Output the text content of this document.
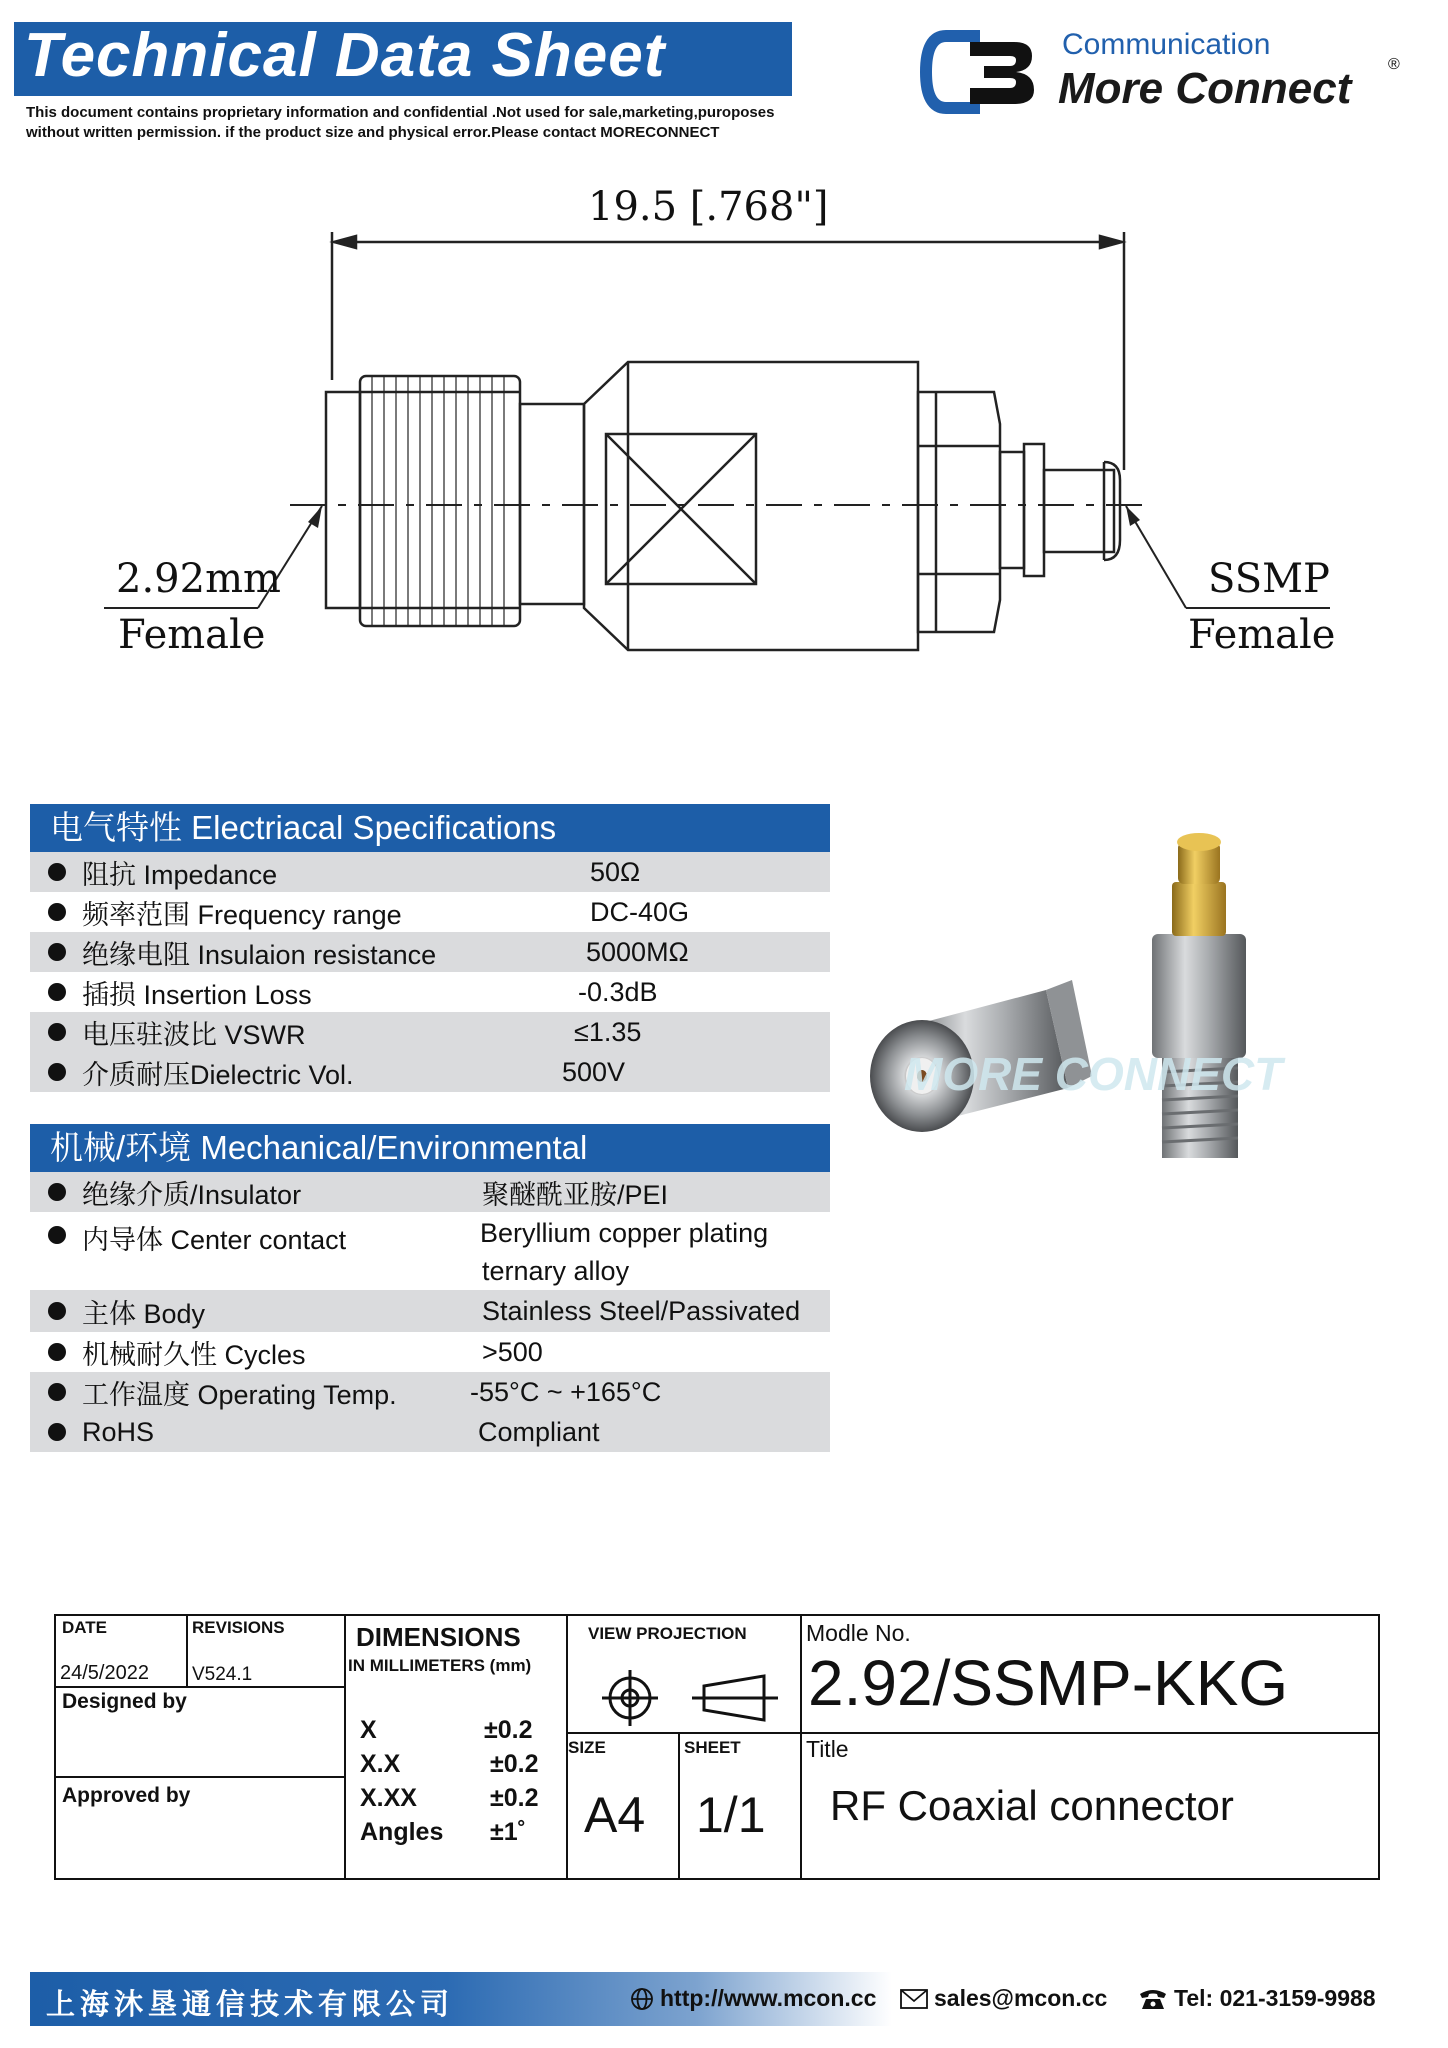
Technical Data Sheet
This document contains proprietary information and confidential .Not used for sale,marketing,puroposes
without written permission. if the product size and physical error.Please contact MORECONNECT
Communication
More Connect ®
19.5 [.768"]
2.92mm
Female
SSMP
Female
电气特性 Electriacal Specifications
阻抗 Impedance	50Ω
频率范围 Frequency range	DC-40G
绝缘电阻 Insulaion resistance	5000MΩ
插损 Insertion Loss	-0.3dB
电压驻波比 VSWR	≤1.35
介质耐压Dielectric Vol.	500V
机械/环境 Mechanical/Environmental
绝缘介质/Insulator	聚醚酰亚胺/PEI
内导体 Center contact	Beryllium copper plating
ternary alloy
主体 Body	Stainless Steel/Passivated
机械耐久性 Cycles	>500
工作温度 Operating Temp.	-55°C ~ +165°C
RoHS	Compliant
MORE CONNECT
DATE
24/5/2022
REVISIONS
V524.1
Designed by
Approved by
DIMENSIONS
IN MILLIMETERS (mm)
X	±0.2
X.X	±0.2
X.XX	±0.2
Angles ±1˚
VIEW PROJECTION
SIZE
A4
SHEET
1/1
Modle No.
2.92/SSMP-KKG
Title
RF Coaxial connector
上海沐垦通信技术有限公司	http://www.mcon.cc	sales@mcon.cc	Tel: 021-3159-9988
